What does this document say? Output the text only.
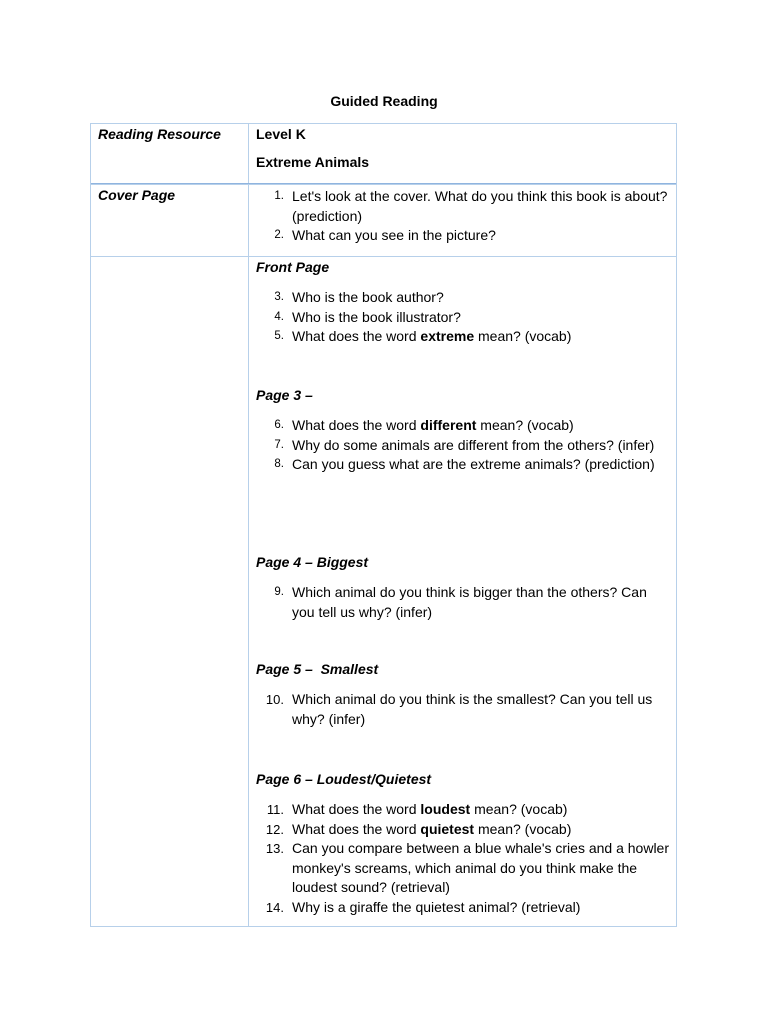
Guided Reading
Reading Resource	Level K
Extreme Animals
Cover Page	1. Let's look at the cover. What do you think this book is about? (prediction)
2. What can you see in the picture?
Front Page
3. Who is the book author?
4. Who is the book illustrator?
5. What does the word extreme mean? (vocab)
Page 3 –
6. What does the word different mean? (vocab)
7. Why do some animals are different from the others? (infer)
8. Can you guess what are the extreme animals? (prediction)
Page 4 – Biggest
9. Which animal do you think is bigger than the others? Can you tell us why? (infer)
Page 5 –  Smallest
10. Which animal do you think is the smallest? Can you tell us why? (infer)
Page 6 – Loudest/Quietest
11. What does the word loudest mean? (vocab)
12. What does the word quietest mean? (vocab)
13. Can you compare between a blue whale's cries and a howler monkey's screams, which animal do you think make the loudest sound? (retrieval)
14. Why is a giraffe the quietest animal? (retrieval)
